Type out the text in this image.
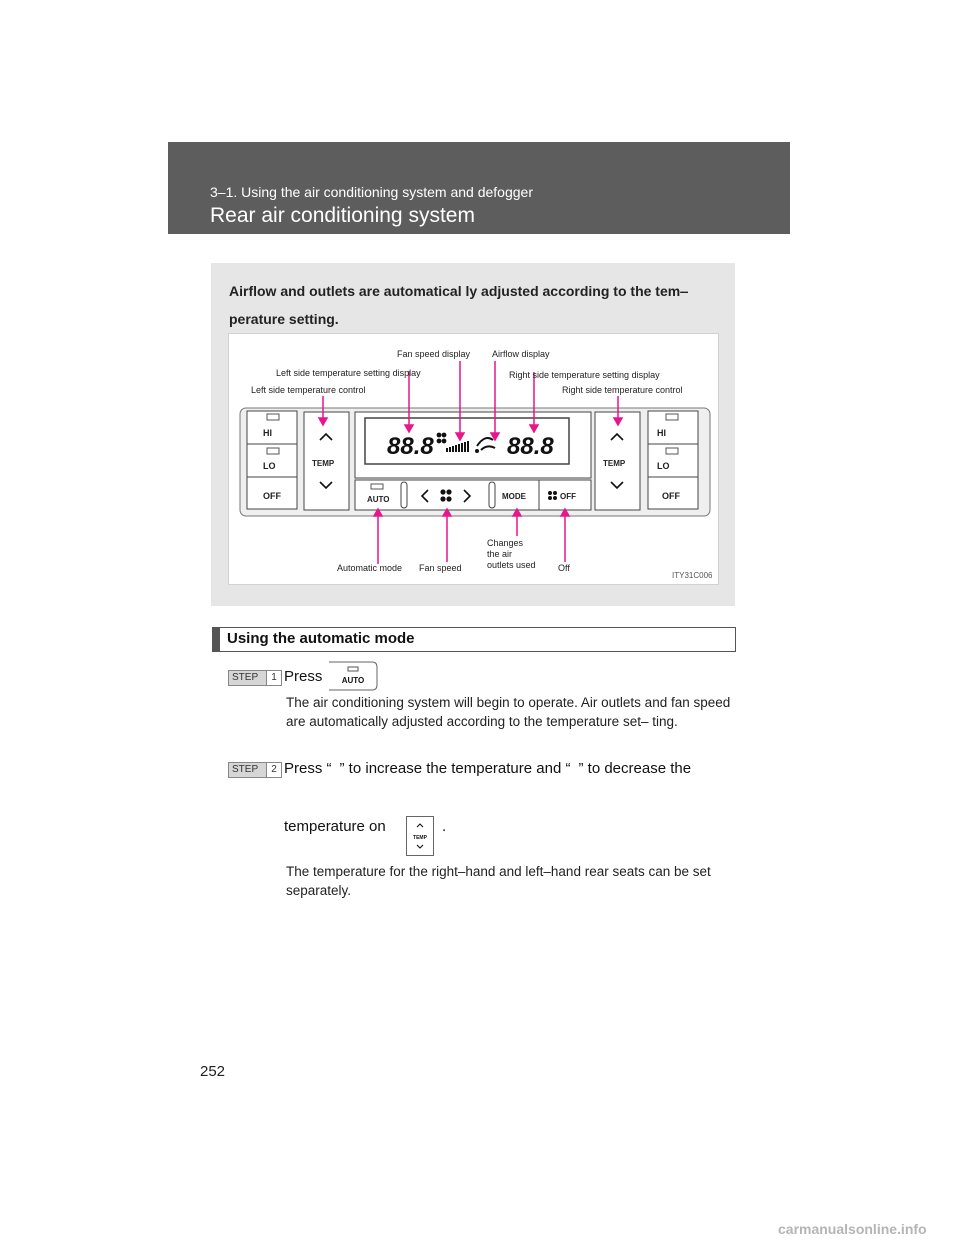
3‒1. Using the air conditioning system and defogger
Rear air conditioning system
Airflow and outlets are automatical ly adjusted according to the tem‒ perature setting.
Fan speed display Airflow display
Left side temperature setting display	Right side temperature setting display
Left side temperature control	Right side temperature control
HI
LO
OFF
TEMP	TEMP
HI
LO
OFF
AUTO	MODE	OFF
88.8	88.8
Automatic mode Fan speed
Changes
the air
outlets used Off
ITY31C006
Using the automatic mode
STEP	1 Press AUTO
The air conditioning system will begin to operate. Air outlets and fan speed are automatically adjusted according to the temperature set‒ ting.
STEP	2 Press “ ” to increase the temperature and “ ” to decrease the
temperature on
TEMP
.
The temperature for the right‒hand and left‒hand rear seats can be set separately.
252
carmanualsonline.info
